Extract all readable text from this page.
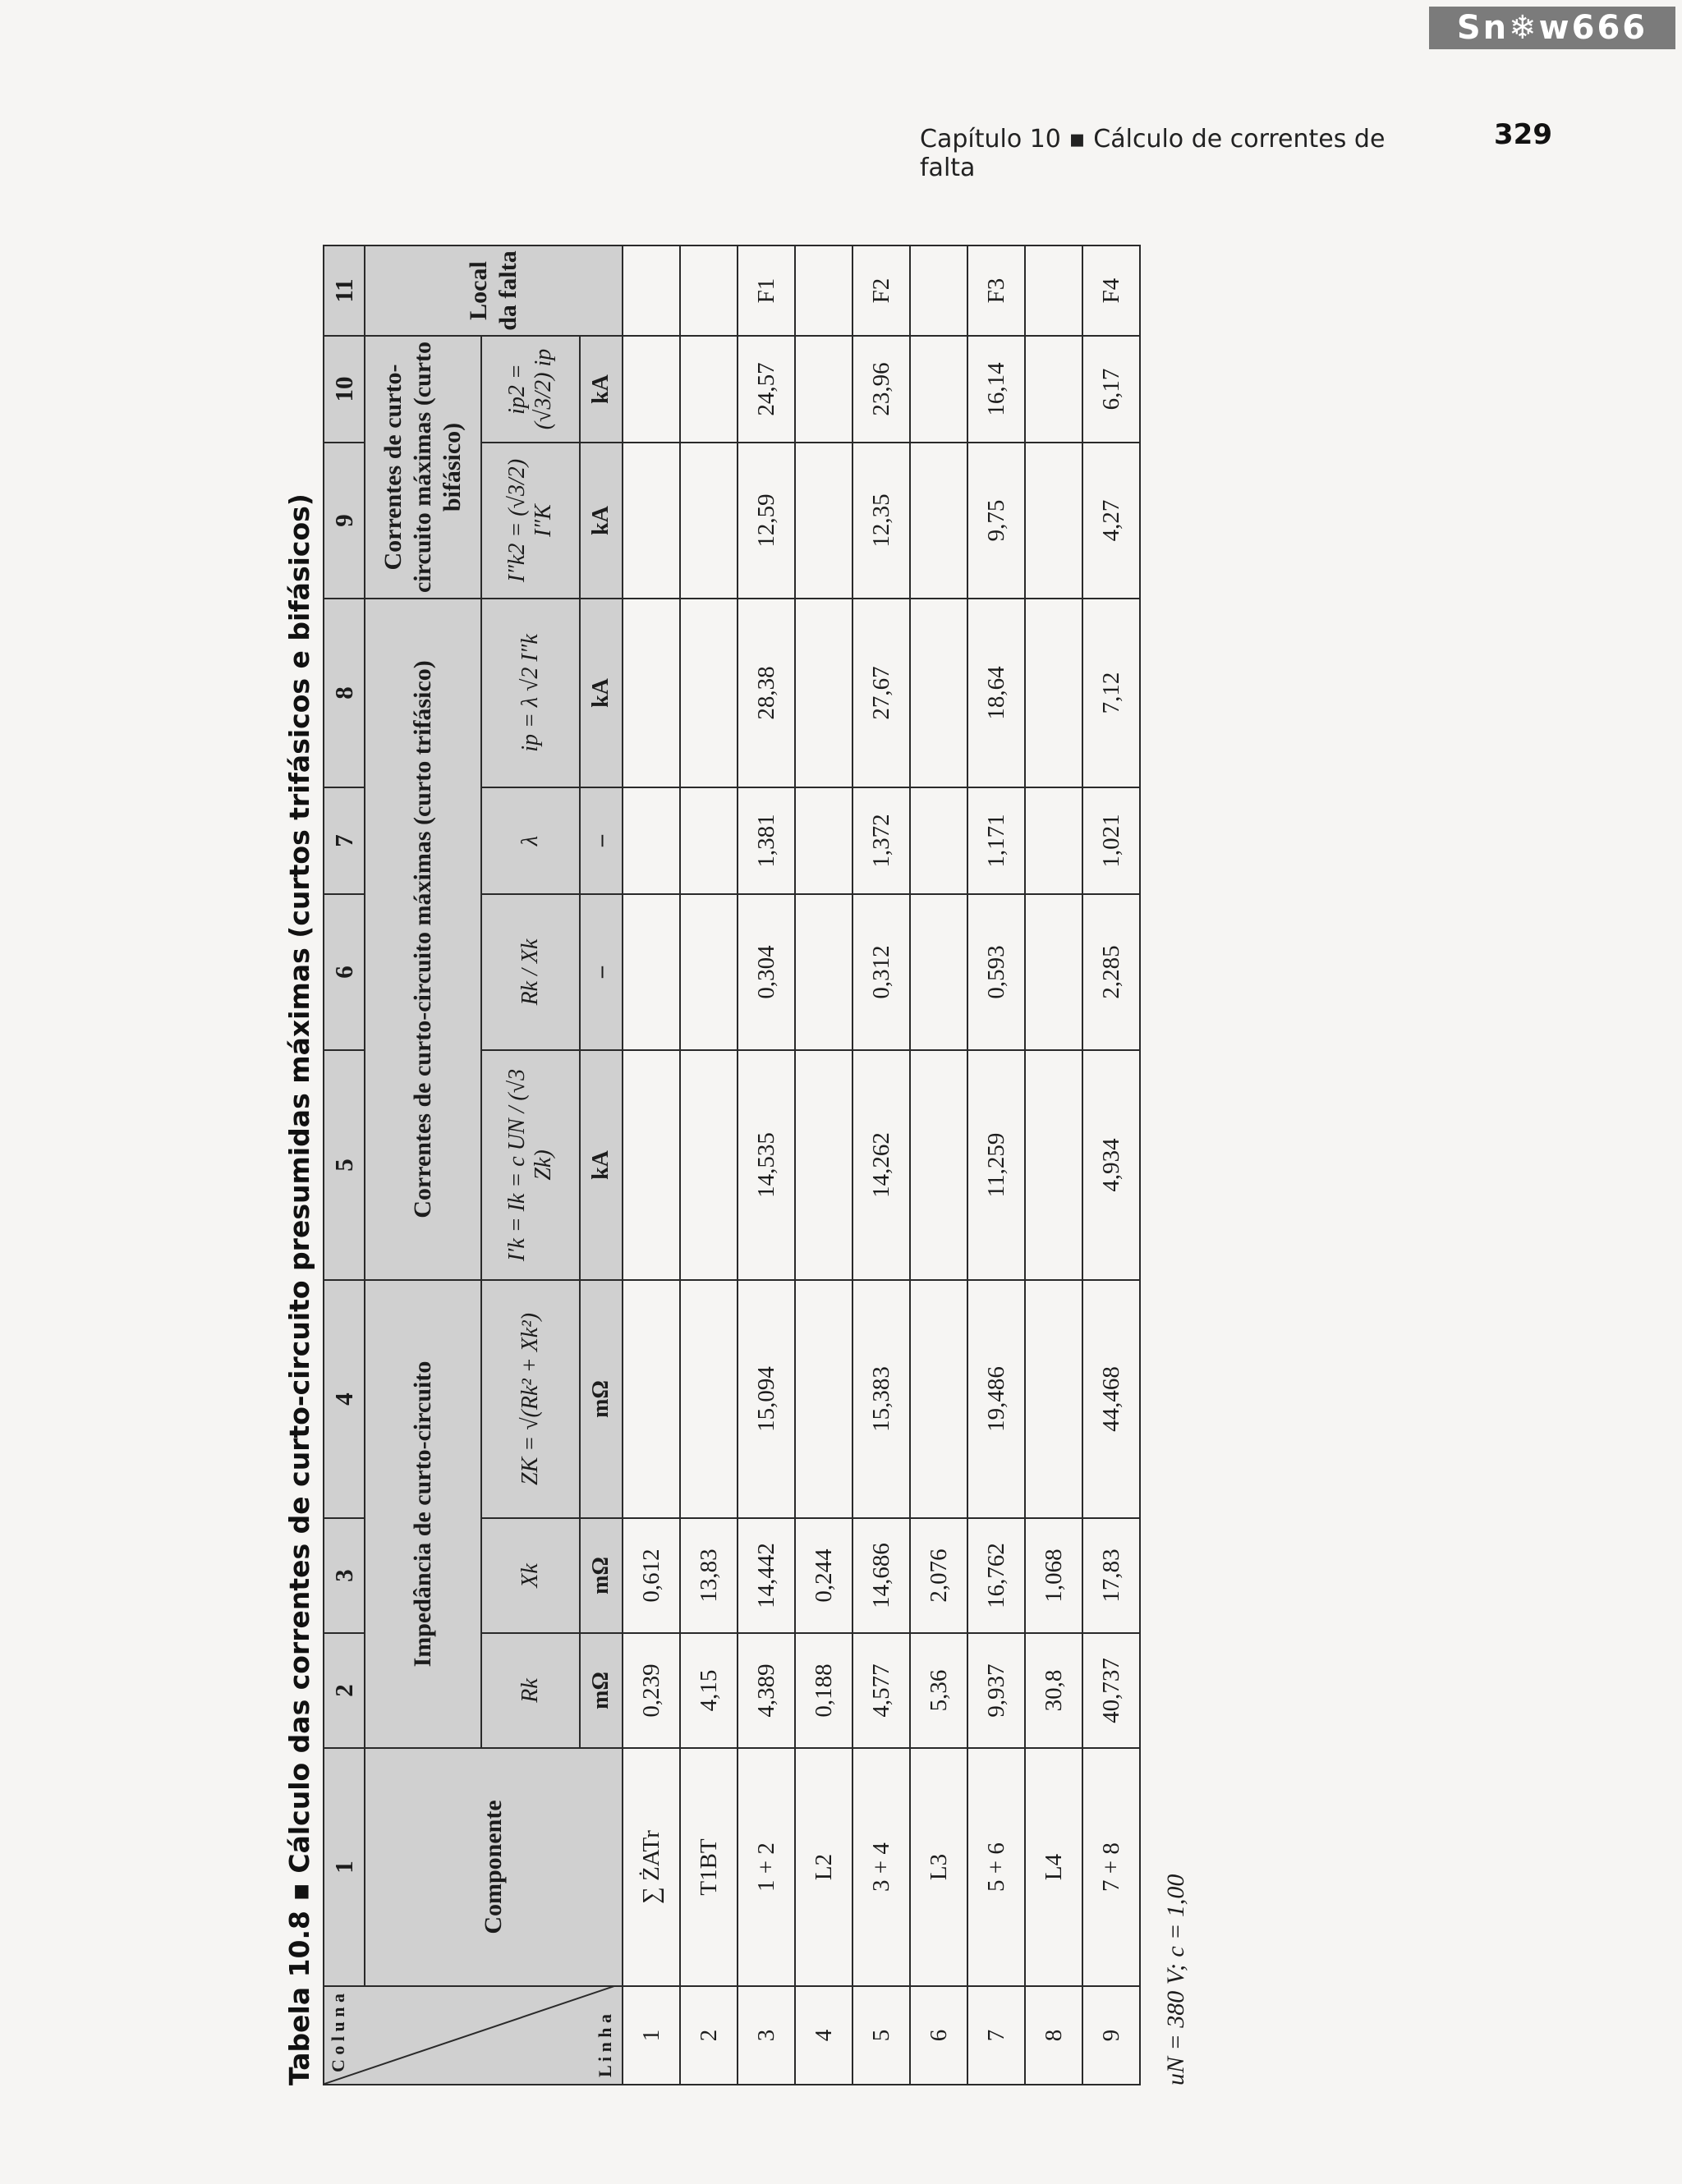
Sn❄w666
Capítulo 10 ▪ Cálculo de correntes de falta
329
Tabela 10.8 ▪ Cálculo das correntes de curto-circuito presumidas máximas (curtos trifásicos e bifásicos) C o l u n a L i n h a	1	2	3	4	5	6	7	8	9	10	11
	Componente	Impedância de curto-circuito			Correntes de curto-circuito máximas (curto trifásico)				Correntes de curto-circuito máximas (curto bifásico)		Local da falta
		Rk	Xk	ZK = √(Rk² + Xk²)	I′k = Ik = c UN / (√3 Zk)	Rk / Xk	λ	ip = λ √2 I″k	I″k2 = (√3/2) I″K	ip2 = (√3/2) ip	
		mΩ	mΩ	mΩ	kA	–	–	kA	kA	kA	
1	∑ ŻATr	0,239	0,612								
2	T1BT	4,15	13,83								
3	1 + 2	4,389	14,442	15,094	14,535	0,304	1,381	28,38	12,59	24,57	F1
4	L2	0,188	0,244								
5	3 + 4	4,577	14,686	15,383	14,262	0,312	1,372	27,67	12,35	23,96	F2
6	L3	5,36	2,076								
7	5 + 6	9,937	16,762	19,486	11,259	0,593	1,171	18,64	9,75	16,14	F3
8	L4	30,8	1,068								
9	7 + 8	40,737	17,83	44,468	4,934	2,285	1,021	7,12	4,27	6,17	F4
uN = 380 V; c = 1,00
